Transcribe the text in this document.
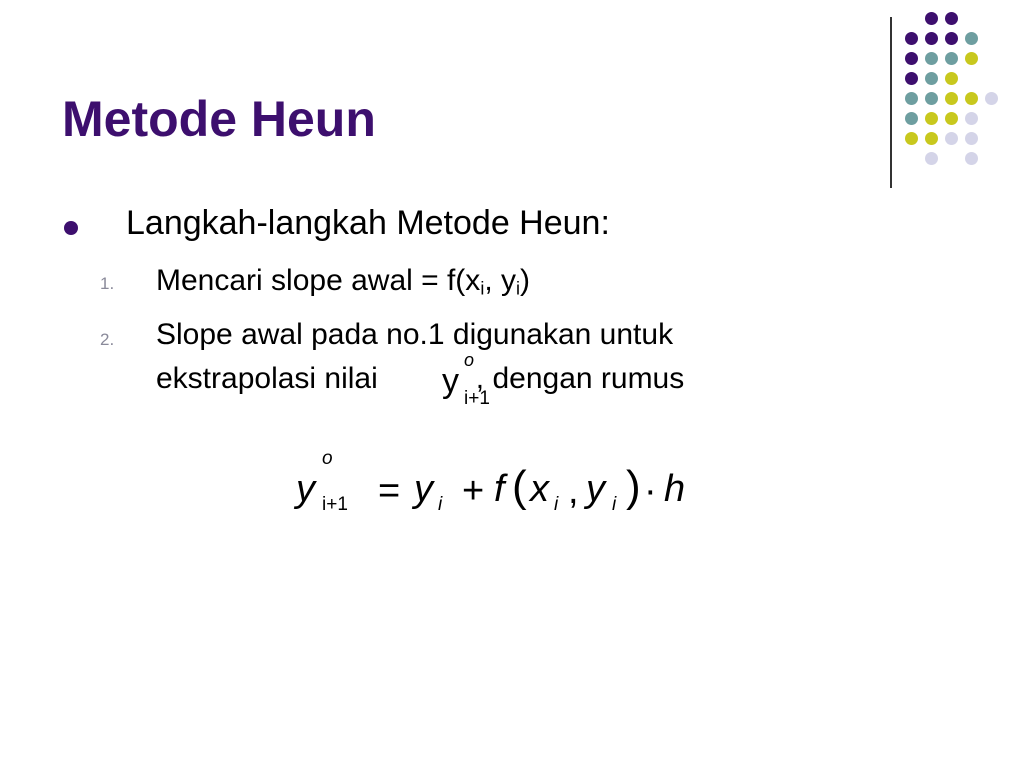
Metode Heun
Langkah-langkah Metode Heun:
1. Mencari slope awal = $f(x_i$, $y_i$)
2. Slope awal pada no.1 digunakan untuk
ekstrapolasi nilai	, dengan rumus
y
o
i+1
y
o
i+1 = y i + f ( x i , y i ) · h
